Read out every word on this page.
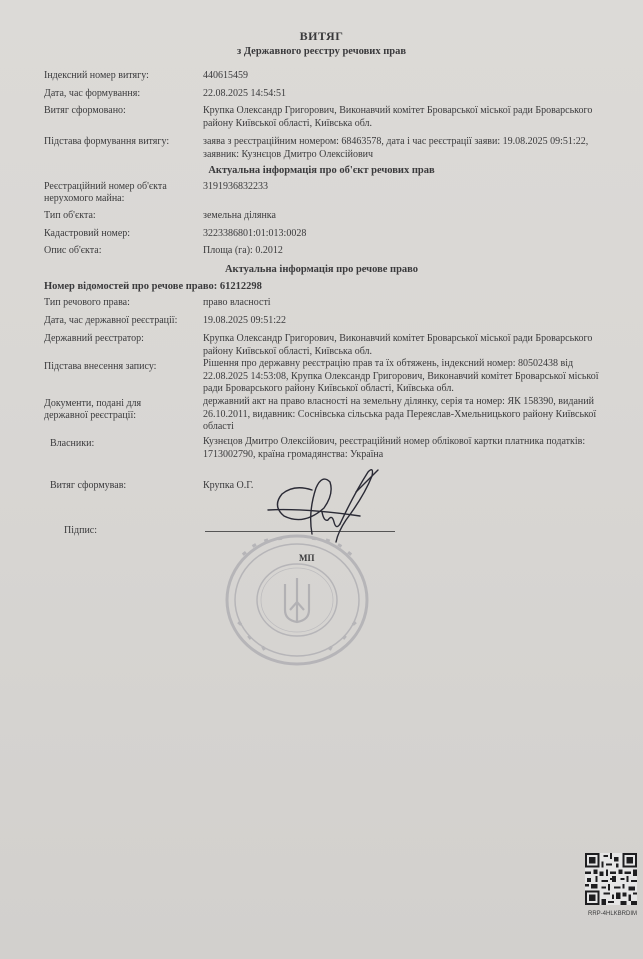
ВИТЯГ
з Державного реєстру речових прав
Індексний номер витягу:	440615459
Дата, час формування:	22.08.2025 14:54:51
Витяг сформовано:	Крупка Олександр Григорович, Виконавчий комітет Броварської міської ради Броварського району Київської області, Київська обл.
Підстава формування витягу:	заява з реєстраційним номером: 68463578, дата і час реєстрації заяви: 19.08.2025 09:51:22, заявник: Кузнєцов Дмитро Олексійович
Актуальна інформація про об'єкт речових прав
Реєстраційний номер об'єкта нерухомого майна:
3191936832233
Тип об'єкта:	земельна ділянка
Кадастровий номер:	3223386801:01:013:0028
Опис об'єкта:	Площа (га): 0.2012
Актуальна інформація про речове право
Номер відомостей про речове право: 61212298
Тип речового права:	право власності
Дата, час державної реєстрації:	19.08.2025 09:51:22
Державний реєстратор:	Крупка Олександр Григорович, Виконавчий комітет Броварської міської ради Броварського району Київської області, Київська обл.
Підстава внесення запису:	Рішення про державну реєстрацію прав та їх обтяжень, індексний номер: 80502438 від 22.08.2025 14:53:08, Крупка Олександр Григорович, Виконавчий комітет Броварської міської ради Броварського району Київської області, Київська обл.
Документи, подані для державної реєстрації:
державний акт на право власності на земельну ділянку, серія та номер: ЯК 158390, виданий 26.10.2011, видавник: Соснівська сільська рада Переяслав-Хмельницького району Київської області
Власники:	Кузнєцов Дмитро Олексійович, реєстраційний номер облікової картки платника податків: 1713002790, країна громадянства: Україна
Витяг сформував:	Крупка О.Г.
Підпис:
МП
RRP-4HLKBRDIM
